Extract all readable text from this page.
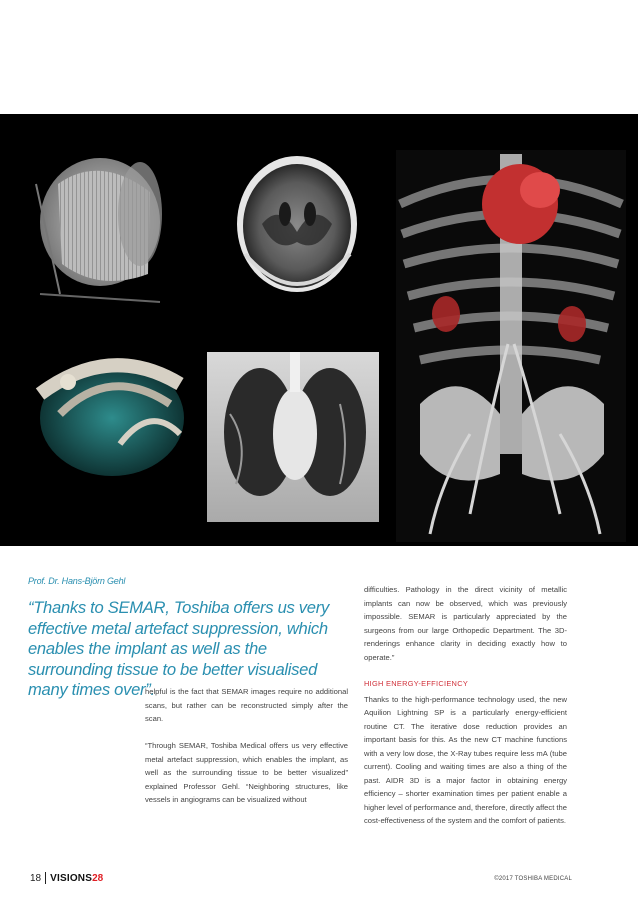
Prof. Dr. Hans-Björn Gehl

“Thanks to SEMAR, Toshiba offers us very effective metal artefact suppression, which enables the implant as well as the surrounding tissue to be better visualised many times over”.

helpful is the fact that SEMAR images require no additional scans, but rather can be reconstructed simply after the scan.

“Through SEMAR, Toshiba Medical offers us very effective metal artefact suppression, which enables the implant, as well as the surrounding tissue to be better visualized” explained Professor Gehl. “Neighboring structures, like vessels in angiograms can be visualized without

difficulties. Pathology in the direct vicinity of metallic implants can now be observed, which was previously impossible. SEMAR is particularly appreciated by the surgeons from our large Orthopedic Department. The 3D-renderings enhance clarity in deciding exactly how to operate.”

HIGH ENERGY-EFFICIENCY

Thanks to the high-performance technology used, the new Aquilion Lightning SP is a particularly energy-efficient routine CT. The iterative dose reduction provides an important basis for this. As the new CT machine functions with a very low dose, the X-Ray tubes require less mA (tube current). Cooling and waiting times are also a thing of the past. AIDR 3D is a major factor in obtaining energy efficiency – shorter examination times per patient enable a higher level of performance and, therefore, directly affect the cost-effectiveness of the system and the comfort of patients.

18 VISIONS 28	©2017 TOSHIBA MEDICAL
